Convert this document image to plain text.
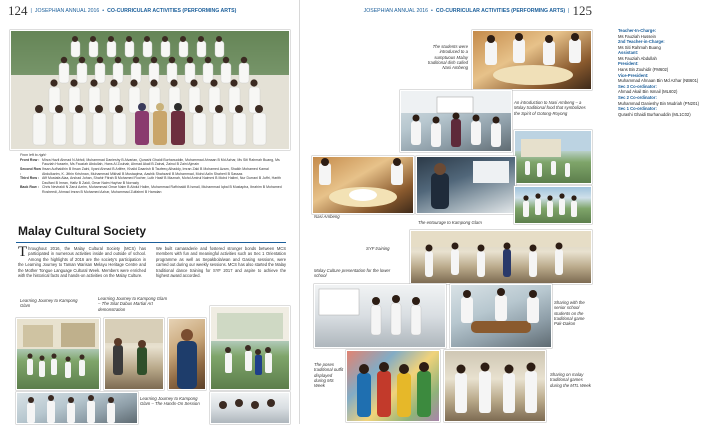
124 | JOSEPHIAN ANNUAL 2016 • CO-CURRICULAR ACTIVITIES (PERFORMING ARTS)
From left to right:
Front Row : Mirza Hazli Ahmad N Abhdi, Muhammad Danieshy B Alvarian, Qurashi Ghaidi Burhanuddin, Muhammad Ahnaan B Md Azhar, Ms Siti Rahmah Buang, Ms Fauziah Hussein, Ms Fauziah Abdullah, Hans Al Zouhair, Ahmad Akail B Zainal, Zainul B Zaini Ajmain
Second Row :
Ihsan Aufhaidhin B Ihsan Zaini, Ilyani Ahmad B Arlifee, Khalid Daanish B Taufeeq Alhaddy, Imran Zaki B Mohamed Azam, Shaikh Mohamed Kamal Abdulkarim, K. Jithin Krishnan, Muhammad Mikhail B Mustaqima, Aashik Shahzanil B Muhammad, Mohd Azlin Shaheril B Sassas
Third Row : Afif Mustafa Alaa, Arshad Johan, Shahir Fitrah B Mohamed Rocher, Luth Hasif B Maznah, Mohd Amirul Naimmi B Mohd Halimi, Nur Durrani B Juffri, Harith Dzulfani B Imran, Hafiz B Zaidi, Omar Naim Hayhar B Norrazly
Back Row : Chris Neviraldi N Zarul Azrim, Muhammad Omar Naim B Abdul Halim, Muhammad Rafhinaldi B Ismail, Muhammad Iqbal B Mustapha, Ibrahim B Mohamed Rosheedi, Ahmad Imran B Mohamed Azhar, Muhammad Zulfahmi B Hamdan
Malay Cultural Society
Throughout 2016, the Malay Cultural Society (MCS) has participated in numerous activities inside and outside of school. Among the highlights of 2016 are the society's participation in the Learning Journey to Taman Warisan Melayu Heritage Centre and the Mother Tongue Language Cultural Week. Members were enriched with the historical facts and hands-on activities on the Malay Culture.
We built camaraderie and fostered stronger bonds between MCS members with fun and meaningful activities such as Sec 1 Orientation programme as well as Sepakbola/wan and Gasing sessions, were carried out during our weekly sessions. MCS has also started the Malay traditional dance training for SYF 2017 and aspire to achieve the highest award accorded.
Learning Journey to Kampong Glam
Learning Journey to Kampong Glam – The Silat Dabus Martial Art demonstration
Learning Journey to Kampong Glam – The Hands-On Session
JOSEPHIAN ANNUAL 2016 • CO-CURRICULAR ACTIVITIES (PERFORMING ARTS) | 125
Teacher-In-Charge:
Ms Fauziah Hussein
2nd Teacher-in-Charge:
Ms Siti Rahmah Buang
Assistant:
Ms Fauziah Abdullah
President:
Hans Bin Zouhidir (FM602)
Vice-President:
Muhammad Ahnaan Bin Md Azhar (NB601)
Sec 3 Co-ordinator:
Ahmad Akail Bin Ismail (ML602)
Sec 2 Co-ordinator:
Muhammad Danieshy Bin Mudriah (PN201)
Sec 1 Co-ordinator:
Qurashi Ghaidi Burhanuddin (ML1C02)
The students were introduced to a sumptuous Malay traditional dish called Nasi Ambeng
An introduction to Nasi Ambeng – a Malay traditional food that symbolizes the Spirit of Gotong-Royong
Nasi Ambeng
The entourage to Kampong Glam
SYF training
Malay Culture presentation for the lower school
Sharing with the senior school students on the traditional game Pak-Dakon
The poses traditional outfit displayed during MS Week
Sharing on malay traditional games during the MTL Week
